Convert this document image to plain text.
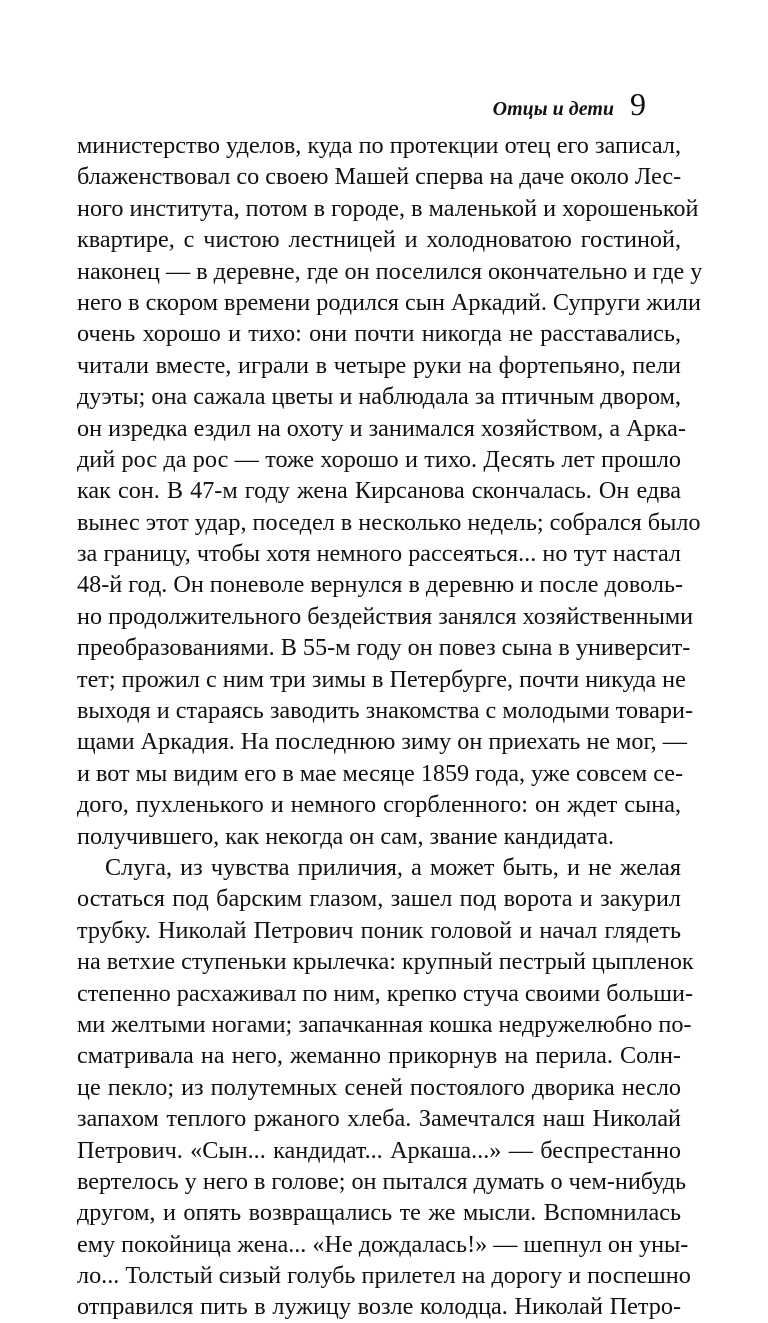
Отцы и дети 9
министерство уделов, куда по протекции отец его записал,
блаженствовал со своею Машей сперва на даче около Лес-
ного института, потом в городе, в маленькой и хорошенькой
квартире, с чистою лестницей и холодноватою гостиной,
наконец — в деревне, где он поселился окончательно и где у
него в скором времени родился сын Аркадий. Супруги жили
очень хорошо и тихо: они почти никогда не расставались,
читали вместе, играли в четыре руки на фортепьяно, пели
дуэты; она сажала цветы и наблюдала за птичным двором,
он изредка ездил на охоту и занимался хозяйством, а Арка-
дий рос да рос — тоже хорошо и тихо. Десять лет прошло
как сон. В 47-м году жена Кирсанова скончалась. Он едва
вынес этот удар, поседел в несколько недель; собрался было
за границу, чтобы хотя немного рассеяться... но тут настал
48-й год. Он поневоле вернулся в деревню и после доволь-
но продолжительного бездействия занялся хозяйственными
преобразованиями. В 55-м году он повез сына в университ-
тет; прожил с ним три зимы в Петербурге, почти никуда не
выходя и стараясь заводить знакомства с молодыми товари-
щами Аркадия. На последнюю зиму он приехать не мог, —
и вот мы видим его в мае месяце 1859 года, уже совсем се-
дого, пухленького и немного сгорбленного: он ждет сына,
получившего, как некогда он сам, звание кандидата.
Слуга, из чувства приличия, а может быть, и не желая
остаться под барским глазом, зашел под ворота и закурил
трубку. Николай Петрович поник головой и начал глядеть
на ветхие ступеньки крылечка: крупный пестрый цыпленок
степенно расхаживал по ним, крепко стуча своими больши-
ми желтыми ногами; запачканная кошка недружелюбно по-
сматривала на него, жеманно прикорнув на перила. Солн-
це пекло; из полутемных сеней постоялого дворика несло
запахом теплого ржаного хлеба. Замечтался наш Николай
Петрович. «Сын... кандидат... Аркаша...» — беспрестанно
вертелось у него в голове; он пытался думать о чем-нибудь
другом, и опять возвращались те же мысли. Вспомнилась
ему покойница жена... «Не дождалась!» — шепнул он уны-
ло... Толстый сизый голубь прилетел на дорогу и поспешно
отправился пить в лужицу возле колодца. Николай Петро-
